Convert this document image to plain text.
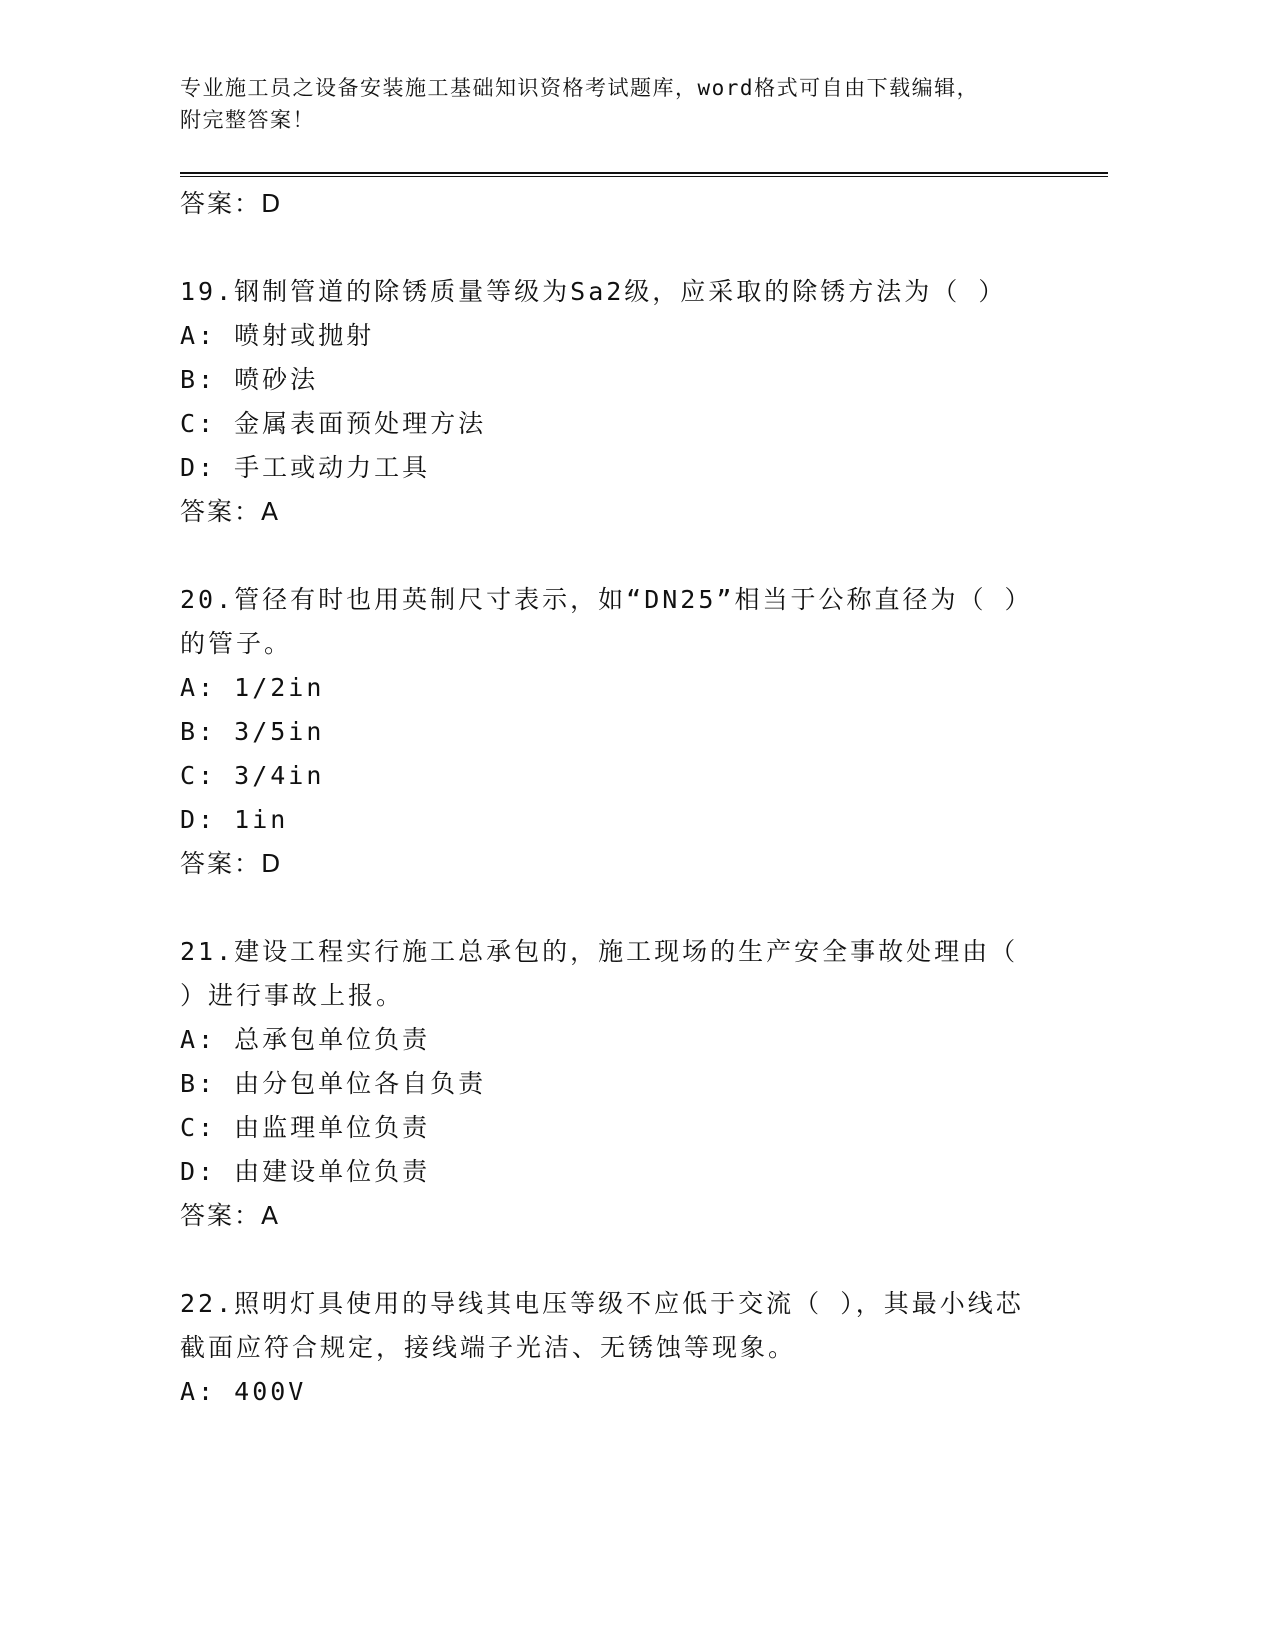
专业施工员之设备安装施工基础知识资格考试题库，word格式可自由下载编辑，
附完整答案！
答案：D
19.钢制管道的除锈质量等级为Sa2级，应采取的除锈方法为（ ）
A: 喷射或抛射
B: 喷砂法
C: 金属表面预处理方法
D: 手工或动力工具
答案：A
20.管径有时也用英制尺寸表示，如“DN25”相当于公称直径为（ ）
的管子。
A: 1/2in
B: 3/5in
C: 3/4in
D: 1in
答案：D
21.建设工程实行施工总承包的，施工现场的生产安全事故处理由（
）进行事故上报。
A: 总承包单位负责
B: 由分包单位各自负责
C: 由监理单位负责
D: 由建设单位负责
答案：A
22.照明灯具使用的导线其电压等级不应低于交流（ ），其最小线芯
截面应符合规定，接线端子光洁、无锈蚀等现象。
A: 400V
